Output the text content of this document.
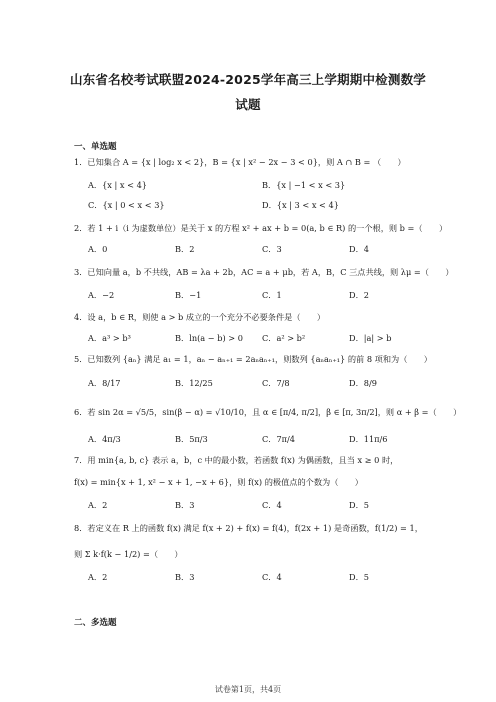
山东省名校考试联盟2024-2025学年高三上学期期中检测数学
试题
一、单选题
1．已知集合 A = {x | log₂ x < 2}，B = {x | x² − 2x − 3 < 0}，则 A ∩ B = （　　）
A．{x | x < 4}	B．{x | −1 < x < 3}
C．{x | 0 < x < 3}	D．{x | 3 < x < 4}
2．若 1 + i（i 为虚数单位）是关于 x 的方程 x² + ax + b = 0(a, b ∈ R) 的一个根，则 b =（　　）
A．0	B．2	C．3	D．4
3．已知向量 a，b 不共线，AB = λa + 2b，AC = a + μb，若 A，B，C 三点共线，则 λμ =（　　）
A．−2	B．−1	C．1	D．2
4．设 a，b ∈ R，则使 a > b 成立的一个充分不必要条件是（　　）
A．a³ > b³	B．ln(a − b) > 0 C．a² > b²	D．|a| > b
5．已知数列 {aₙ} 满足 a₁ = 1，aₙ − aₙ₊₁ = 2aₙaₙ₊₁，则数列 {aₙaₙ₊₁} 的前 8 项和为（　　）
A．8/17	B．12/25	C．7/8	D．8/9
6．若 sin 2α = √5/5，sin(β − α) = √10/10，且 α ∈ [π/4, π/2]，β ∈ [π, 3π/2]，则 α + β =（　　）
A．4π/3	B．5π/3	C．7π/4	D．11π/6
7．用 min{a, b, c} 表示 a，b，c 中的最小数，若函数 f(x) 为偶函数，且当 x ≥ 0 时，
f(x) = min{x + 1, x² − x + 1, −x + 6}，则 f(x) 的极值点的个数为（　　）
A．2	B．3	C．4	D．5
8．若定义在 R 上的函数 f(x) 满足 f(x + 2) + f(x) = f(4)，f(2x + 1) 是奇函数，f(1/2) = 1，
则 Σ k·f(k − 1/2) =（　　）
A．2	B．3	C．4	D．5
二、多选题
试卷第1页，共4页
